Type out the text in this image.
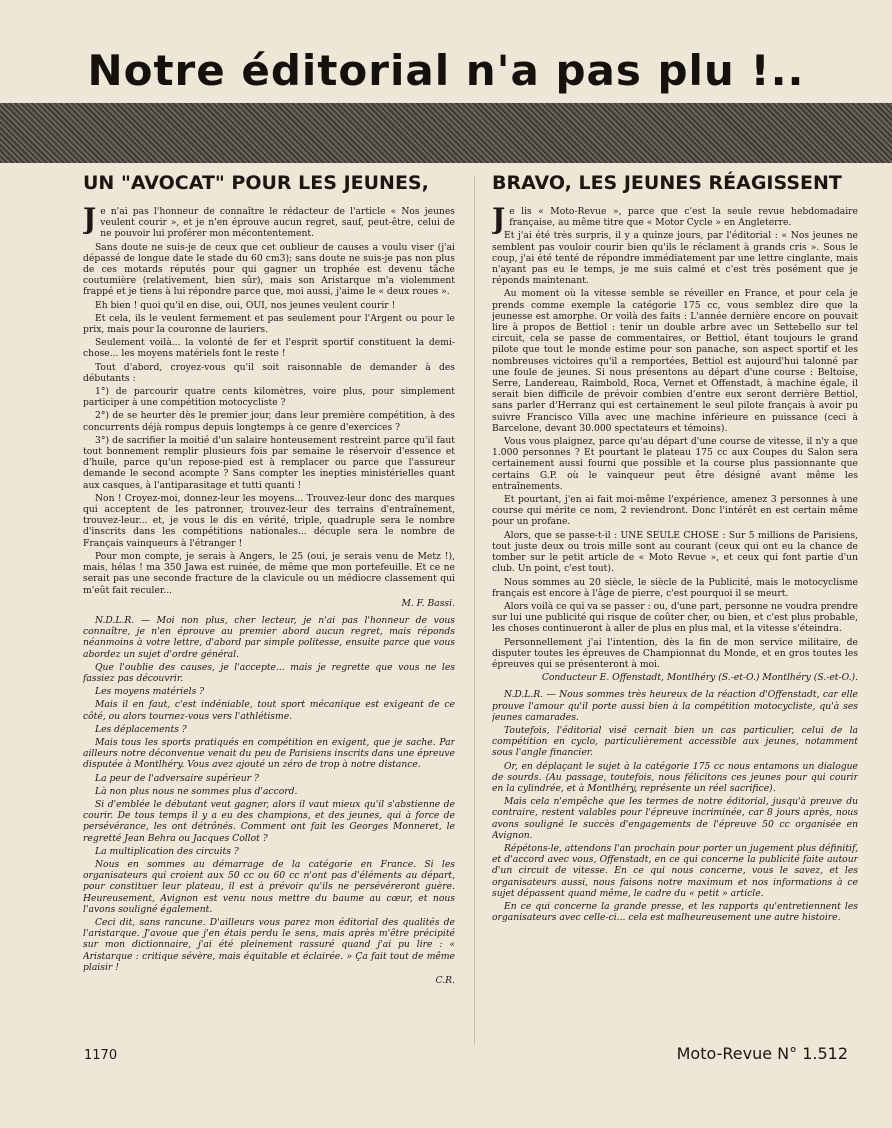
Notre éditorial n'a pas plu !..
UN "AVOCAT" POUR LES JEUNES,

Je n'ai pas l'honneur de connaître le rédacteur de l'article « Nos jeunes veulent courir », et je n'en éprouve aucun regret, sauf, peut-être, celui de ne pouvoir lui proférer mon mécontentement.

Sans doute ne suis-je de ceux que cet oublieur de causes a voulu viser (j'ai dépassé de longue date le stade du 60 cm3); sans doute ne suis-je pas non plus de ces motards réputés pour qui gagner un trophée est devenu tâche coutumière (relativement, bien sûr), mais son Aristarque m'a violemment frappé et je tiens à lui répondre parce que, moi aussi, j'aime le « deux roues ».

Eh bien ! quoi qu'il en dise, oui, OUI, nos jeunes veulent courir !

Et cela, ils le veulent fermement et pas seulement pour l'Argent ou pour le prix, mais pour la couronne de lauriers.

Seulement voilà... la volonté de fer et l'esprit sportif constituent la demi-chose... les moyens matériels font le reste !

Tout d'abord, croyez-vous qu'il soit raisonnable de demander à des débutants :

1°) de parcourir quatre cents kilomètres, voire plus, pour simplement participer à une compétition motocycliste ?

2°) de se heurter dès le premier jour, dans leur première compétition, à des concurrents déjà rompus depuis longtemps à ce genre d'exercices ?

3°) de sacrifier la moitié d'un salaire honteusement restreint parce qu'il faut tout bonnement remplir plusieurs fois par semaine le réservoir d'essence et d'huile, parce qu'un repose-pied est à remplacer ou parce que l'assureur demande le second acompte ? Sans compter les inepties ministérielles quant aux casques, à l'antiparasitage et tutti quanti !

Non ! Croyez-moi, donnez-leur les moyens... Trouvez-leur donc des marques qui acceptent de les patronner, trouvez-leur des terrains d'entraînement, trouvez-leur... et, je vous le dis en vérité, triple, quadruple sera le nombre d'inscrits dans les compétitions nationales... décuple sera le nombre de Français vainqueurs à l'étranger !

Pour mon compte, je serais à Angers, le 25 (oui, je serais venu de Metz !), mais, hélas ! ma 350 Jawa est ruinée, de même que mon portefeuille. Et ce ne serait pas une seconde fracture de la clavicule ou un médiocre classement qui m'eût fait reculer...

M. F. Bassi.

N.D.L.R. — Moi non plus, cher lecteur, je n'ai pas l'honneur de vous connaître, je n'en éprouve au premier abord aucun regret, mais réponds néanmoins à votre lettre, d'abord par simple politesse, ensuite parce que vous abordez un sujet d'ordre général.

Que l'oublie des causes, je l'accepte... mais je regrette que vous ne les fassiez pas découvrir.

Les moyens matériels ?

Mais il en faut, c'est indéniable, tout sport mécanique est exigeant de ce côté, ou alors tournez-vous vers l'athlétisme.

Les déplacements ?

Mais tous les sports pratiqués en compétition en exigent, que je sache. Par ailleurs notre déconvenue venait du peu de Parisiens inscrits dans une épreuve disputée à Montlhéry. Vous avez ajouté un zéro de trop à notre distance.

La peur de l'adversaire supérieur ?

Là non plus nous ne sommes plus d'accord.

Si d'emblée le débutant veut gagner, alors il vaut mieux qu'il s'abstienne de courir. De tous temps il y a eu des champions, et des jeunes, qui à force de persévérance, les ont détrônés. Comment ont fait les Georges Monneret, le regretté Jean Behra ou Jacques Collot ?

La multiplication des circuits ?

Nous en sommes au démarrage de la catégorie en France. Si les organisateurs qui croient aux 50 cc ou 60 cc n'ont pas d'éléments au départ, pour constituer leur plateau, il est à prévoir qu'ils ne persévéreront guère. Heureusement, Avignon est venu nous mettre du baume au cœur, et nous l'avons souligné également.

Ceci dit, sans rancune. D'ailleurs vous parez mon éditorial des qualités de l'aristarque. J'avoue que j'en étais perdu le sens, mais après m'être précipité sur mon dictionnaire, j'ai été pleinement rassuré quand j'ai pu lire : « Aristarque : critique sévère, mais équitable et éclairée. » Ça fait tout de même plaisir !

C.R.
BRAVO, LES JEUNES RÉAGISSENT

Je lis « Moto-Revue », parce que c'est la seule revue hebdomadaire française, au même titre que « Motor Cycle » en Angleterre.

Et j'ai été très surpris, il y a quinze jours, par l'éditorial : « Nos jeunes ne semblent pas vouloir courir bien qu'ils le réclament à grands cris ». Sous le coup, j'ai été tenté de répondre immédiatement par une lettre cinglante, mais n'ayant pas eu le temps, je me suis calmé et c'est très posément que je réponds maintenant.

Au moment où la vitesse semble se réveiller en France, et pour cela je prends comme exemple la catégorie 175 cc, vous semblez dire que la jeunesse est amorphe. Or voilà des faits : L'année dernière encore on pouvait lire à propos de Bettiol : tenir un double arbre avec un Settebello sur tel circuit, cela se passe de commentaires, or Bettiol, étant toujours le grand pilote que tout le monde estime pour son panache, son aspect sportif et les nombreuses victoires qu'il a remportées, Bettiol est aujourd'hui talonné par une foule de jeunes. Si nous présentons au départ d'une course : Beltoise, Serre, Landereau, Raimbold, Roca, Vernet et Offenstadt, à machine égale, il serait bien difficile de prévoir combien d'entre eux seront derrière Bettiol, sans parler d'Herranz qui est certainement le seul pilote français à avoir pu suivre Francisco Villa avec une machine inférieure en puissance (ceci à Barcelone, devant 30.000 spectateurs et témoins).

Vous vous plaignez, parce qu'au départ d'une course de vitesse, il n'y a que 1.000 personnes ? Et pourtant le plateau 175 cc aux Coupes du Salon sera certainement aussi fourni que possible et la course plus passionnante que certains G.P. où le vainqueur peut être désigné avant même les entraînements.

Et pourtant, j'en ai fait moi-même l'expérience, amenez 3 personnes à une course qui mérite ce nom, 2 reviendront. Donc l'intérêt en est certain même pour un profane.

Alors, que se passe-t-il : UNE SEULE CHOSE : Sur 5 millions de Parisiens, tout juste deux ou trois mille sont au courant (ceux qui ont eu la chance de tomber sur le petit article de « Moto Revue », et ceux qui font partie d'un club. Un point, c'est tout).

Nous sommes au 20 siècle, le siècle de la Publicité, mais le motocyclisme français est encore à l'âge de pierre, c'est pourquoi il se meurt.

Alors voilà ce qui va se passer : ou, d'une part, personne ne voudra prendre sur lui une publicité qui risque de coûter cher, ou bien, et c'est plus probable, les choses continueront à aller de plus en plus mal, et la vitesse s'éteindra.

Personnellement j'ai l'intention, dès la fin de mon service militaire, de disputer toutes les épreuves de Championnat du Monde, et en gros toutes les épreuves qui se présenteront à moi.

Conducteur E. Offenstadt, Montlhéry (S.-et-O.) Montlhéry (S.-et-O.).

N.D.L.R. — Nous sommes très heureux de la réaction d'Offenstadt, car elle prouve l'amour qu'il porte aussi bien à la compétition motocycliste, qu'à ses jeunes camarades.

Toutefois, l'éditorial visé cernait bien un cas particulier, celui de la compétition en cyclo, particulièrement accessible aux jeunes, notamment sous l'angle financier.

Or, en déplaçant le sujet à la catégorie 175 cc nous entamons un dialogue de sourds. (Au passage, toutefois, nous félicitons ces jeunes pour qui courir en la cylindrée, et à Montlhéry, représente un réel sacrifice).

Mais cela n'empêche que les termes de notre éditorial, jusqu'à preuve du contraire, restent valables pour l'épreuve incriminée, car 8 jours après, nous avons souligné le succès d'engagements de l'épreuve 50 cc organisée en Avignon.

Répétons-le, attendons l'an prochain pour porter un jugement plus définitif, et d'accord avec vous, Offenstadt, en ce qui concerne la publicité faite autour d'un circuit de vitesse. En ce qui nous concerne, vous le savez, et les organisateurs aussi, nous faisons notre maximum et nos informations à ce sujet dépassent quand même, le cadre du « petit » article.

En ce qui concerne la grande presse, et les rapports qu'entretiennent les organisateurs avec celle-ci... cela est malheureusement une autre histoire.

1170	Moto-Revue N° 1.512
